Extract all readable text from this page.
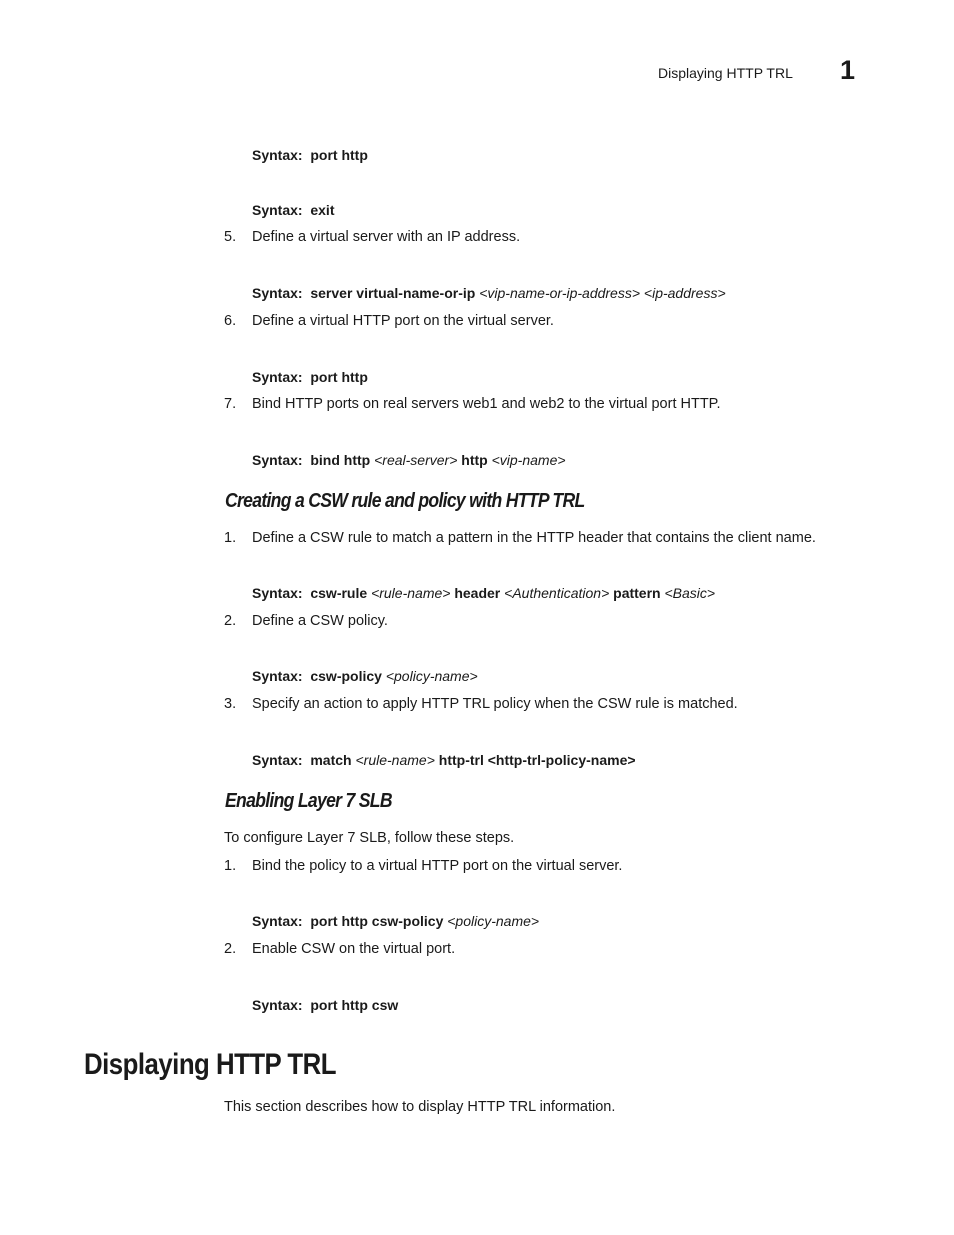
Displaying HTTP TRL 1
Syntax: port http
Syntax: exit
5. Define a virtual server with an IP address.
Syntax: server virtual-name-or-ip <vip-name-or-ip-address> <ip-address>
6. Define a virtual HTTP port on the virtual server.
Syntax: port http
7. Bind HTTP ports on real servers web1 and web2 to the virtual port HTTP.
Syntax: bind http <real-server> http <vip-name>
Creating a CSW rule and policy with HTTP TRL
1. Define a CSW rule to match a pattern in the HTTP header that contains the client name.
Syntax: csw-rule <rule-name> header <Authentication> pattern <Basic>
2. Define a CSW policy.
Syntax: csw-policy <policy-name>
3. Specify an action to apply HTTP TRL policy when the CSW rule is matched.
Syntax: match <rule-name> http-trl <http-trl-policy-name>
Enabling Layer 7 SLB
To configure Layer 7 SLB, follow these steps.
1. Bind the policy to a virtual HTTP port on the virtual server.
Syntax: port http csw-policy <policy-name>
2. Enable CSW on the virtual port.
Syntax: port http csw
Displaying HTTP TRL
This section describes how to display HTTP TRL information.
